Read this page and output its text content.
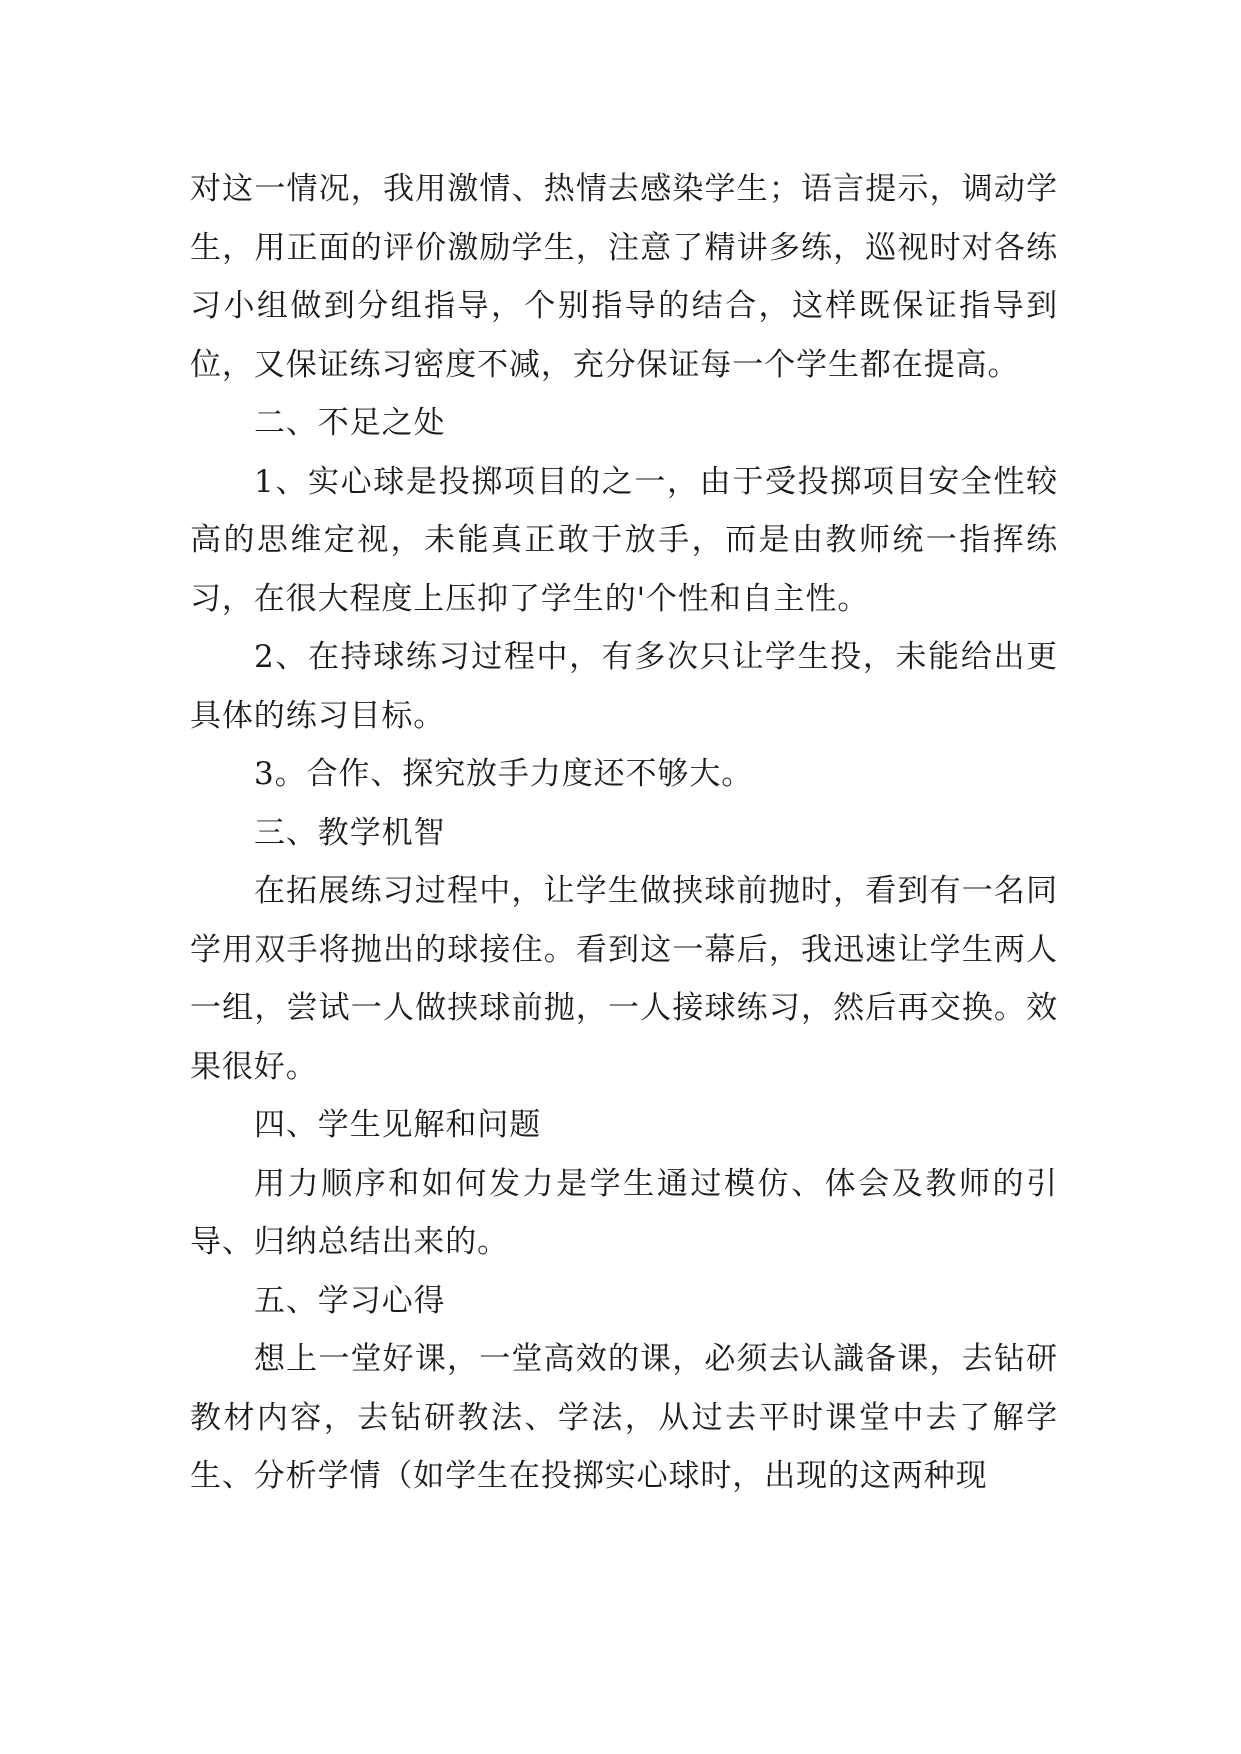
对这一情况，我用激情、热情去感染学生；语言提示，调动学生，用正面的评价激励学生，注意了精讲多练，巡视时对各练习小组做到分组指导，个别指导的结合，这样既保证指导到位，又保证练习密度不减，充分保证每一个学生都在提高。

二、不足之处

1、实心球是投掷项目的之一，由于受投掷项目安全性较高的思维定视，未能真正敢于放手，而是由教师统一指挥练习，在很大程度上压抑了学生的'个性和自主性。

2、在持球练习过程中，有多次只让学生投，未能给出更具体的练习目标。

3。合作、探究放手力度还不够大。

三、教学机智

在拓展练习过程中，让学生做挟球前抛时，看到有一名同学用双手将抛出的球接住。看到这一幕后，我迅速让学生两人一组，尝试一人做挟球前抛，一人接球练习，然后再交换。效果很好。

四、学生见解和问题

用力顺序和如何发力是学生通过模仿、体会及教师的引导、归纳总结出来的。

五、学习心得

想上一堂好课，一堂高效的课，必须去认識备课，去钻研教材内容，去钻研教法、学法，从过去平时课堂中去了解学生、分析学情（如学生在投掷实心球时，出现的这两种现
